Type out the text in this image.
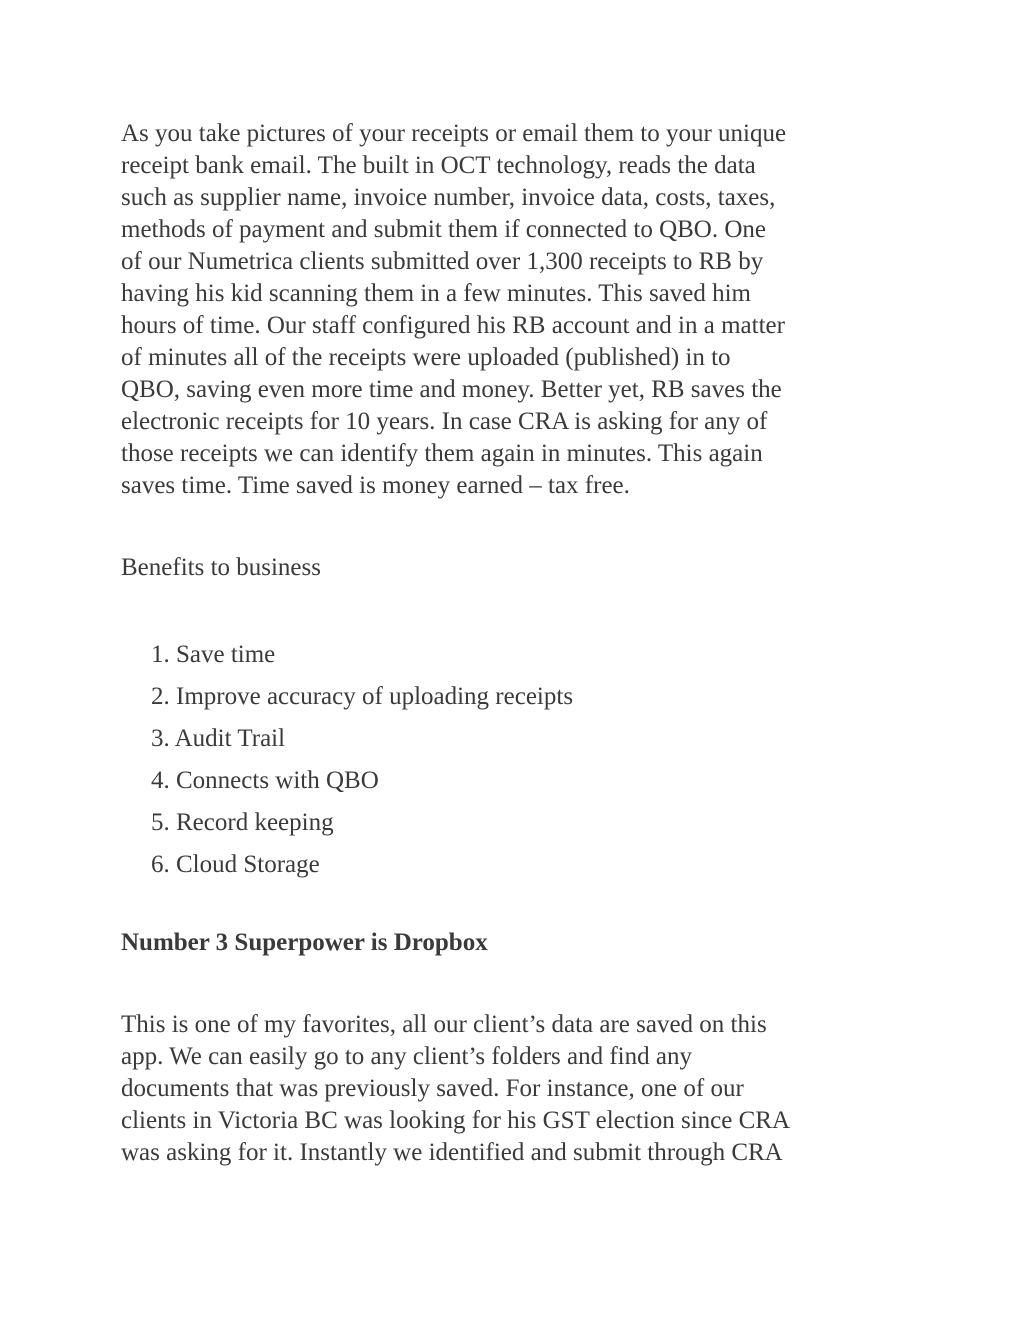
As you take pictures of your receipts or email them to your unique
receipt bank email. The built in OCT technology, reads the data
such as supplier name, invoice number, invoice data, costs, taxes,
methods of payment and submit them if connected to QBO. One
of our Numetrica clients submitted over 1,300 receipts to RB by
having his kid scanning them in a few minutes. This saved him
hours of time. Our staff configured his RB account and in a matter
of minutes all of the receipts were uploaded (published) in to
QBO, saving even more time and money. Better yet, RB saves the
electronic receipts for 10 years. In case CRA is asking for any of
those receipts we can identify them again in minutes. This again
saves time. Time saved is money earned – tax free.

Benefits to business

1. Save time
2. Improve accuracy of uploading receipts
3. Audit Trail
4. Connects with QBO
5. Record keeping
6. Cloud Storage
Number 3 Superpower is Dropbox

This is one of my favorites, all our client’s data are saved on this
app. We can easily go to any client’s folders and find any
documents that was previously saved. For instance, one of our
clients in Victoria BC was looking for his GST election since CRA
was asking for it. Instantly we identified and submit through CRA
